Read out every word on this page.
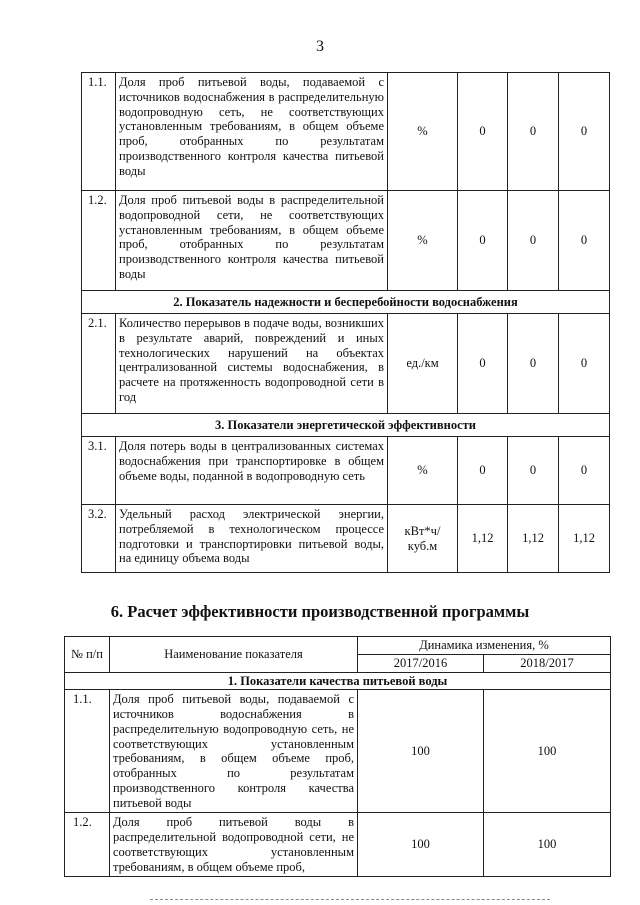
3
1.1.	Доля проб питьевой воды, подаваемой с источников водоснабжения в распределительную водопроводную сеть, не соответствующих установленным требованиям, в общем объеме проб, отобранных по результатам производственного контроля качества питьевой воды	%	0	0	0
1.2.	Доля проб питьевой воды в распределительной водопроводной сети, не соответствующих установленным требованиям, в общем объеме проб, отобранных по результатам производственного контроля качества питьевой воды	%	0	0	0
2. Показатель надежности и бесперебойности водоснабжения					
2.1.	Количество перерывов в подаче воды, возникших в результате аварий, повреждений и иных технологических нарушений на объектах централизованной системы водоснабжения, в расчете на протяженность водопроводной сети в год	ед./км	0	0	0
3. Показатели энергетической эффективности					
3.1.	Доля потерь воды в централизованных системах водоснабжения при транспортировке в общем объеме воды, поданной в водопроводную сеть	%	0	0	0
3.2.	Удельный расход электрической энергии, потребляемой в технологическом процессе подготовки и транспортировки питьевой воды, на единицу объема воды	кВт*ч/ куб.м	1,12	1,12	1,12
6. Расчет эффективности производственной программы
№ п/п	Наименование показателя	Динамика изменения, %	
		2017/2016	2018/2017
1. Показатели качества питьевой воды			
1.1.	Доля проб питьевой воды, подаваемой с источников водоснабжения в распределительную водопроводную сеть, не соответствующих установленным требованиям, в общем объеме проб, отобранных по результатам производственного контроля качества питьевой воды	100	100
1.2.	Доля проб питьевой воды в распределительной водопроводной сети, не соответствующих установленным требованиям, в общем объеме проб,	100	100
